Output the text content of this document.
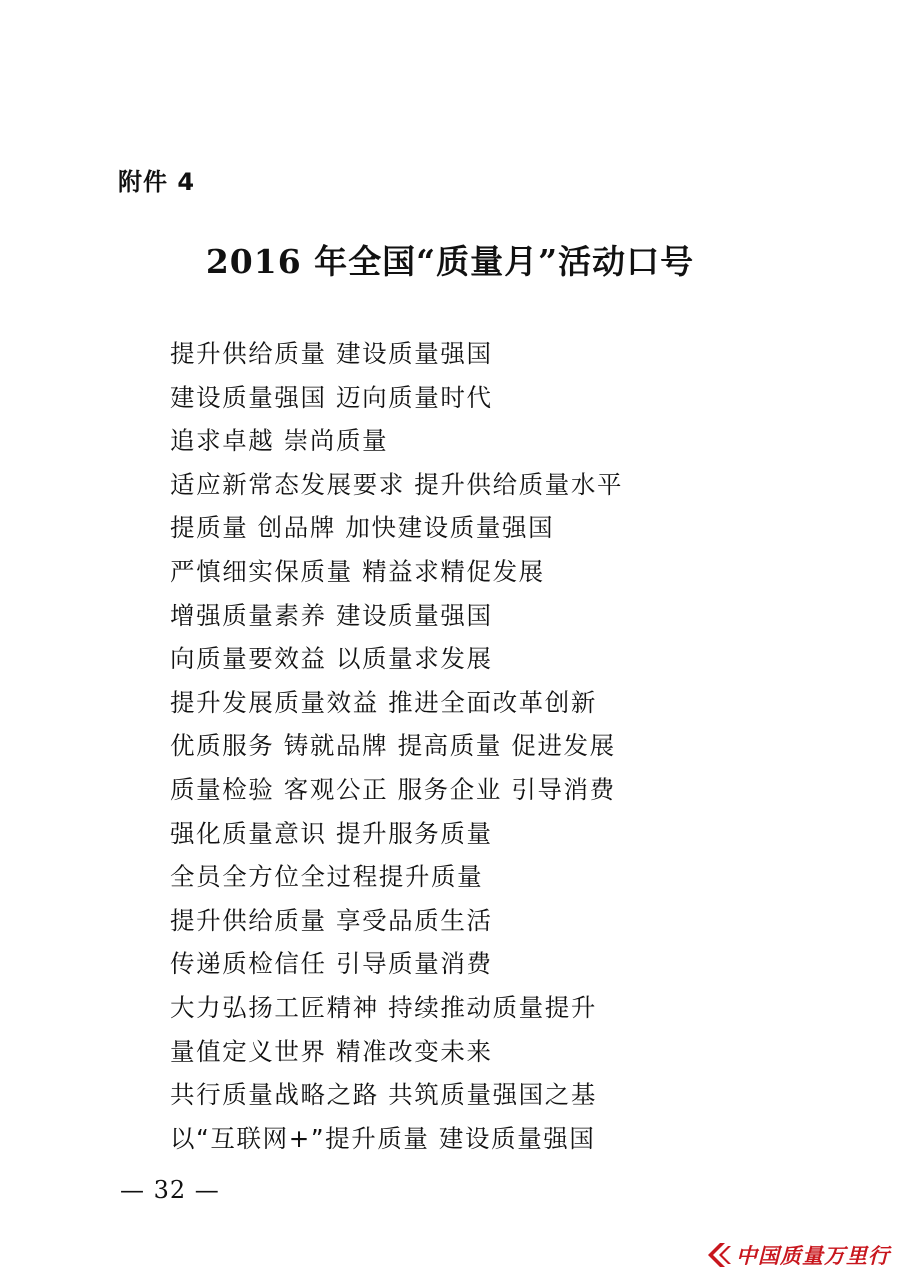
附件 4
2016 年全国“质量月”活动口号
提升供给质量 建设质量强国
建设质量强国 迈向质量时代
追求卓越 崇尚质量
适应新常态发展要求 提升供给质量水平
提质量 创品牌 加快建设质量强国
严慎细实保质量 精益求精促发展
增强质量素养 建设质量强国
向质量要效益 以质量求发展
提升发展质量效益 推进全面改革创新
优质服务 铸就品牌 提高质量 促进发展
质量检验 客观公正 服务企业 引导消费
强化质量意识 提升服务质量
全员全方位全过程提升质量
提升供给质量 享受品质生活
传递质检信任 引导质量消费
大力弘扬工匠精神 持续推动质量提升
量值定义世界 精准改变未来
共行质量战略之路 共筑质量强国之基
以“互联网+”提升质量 建设质量强国
— 32 —
中国质量万里行
